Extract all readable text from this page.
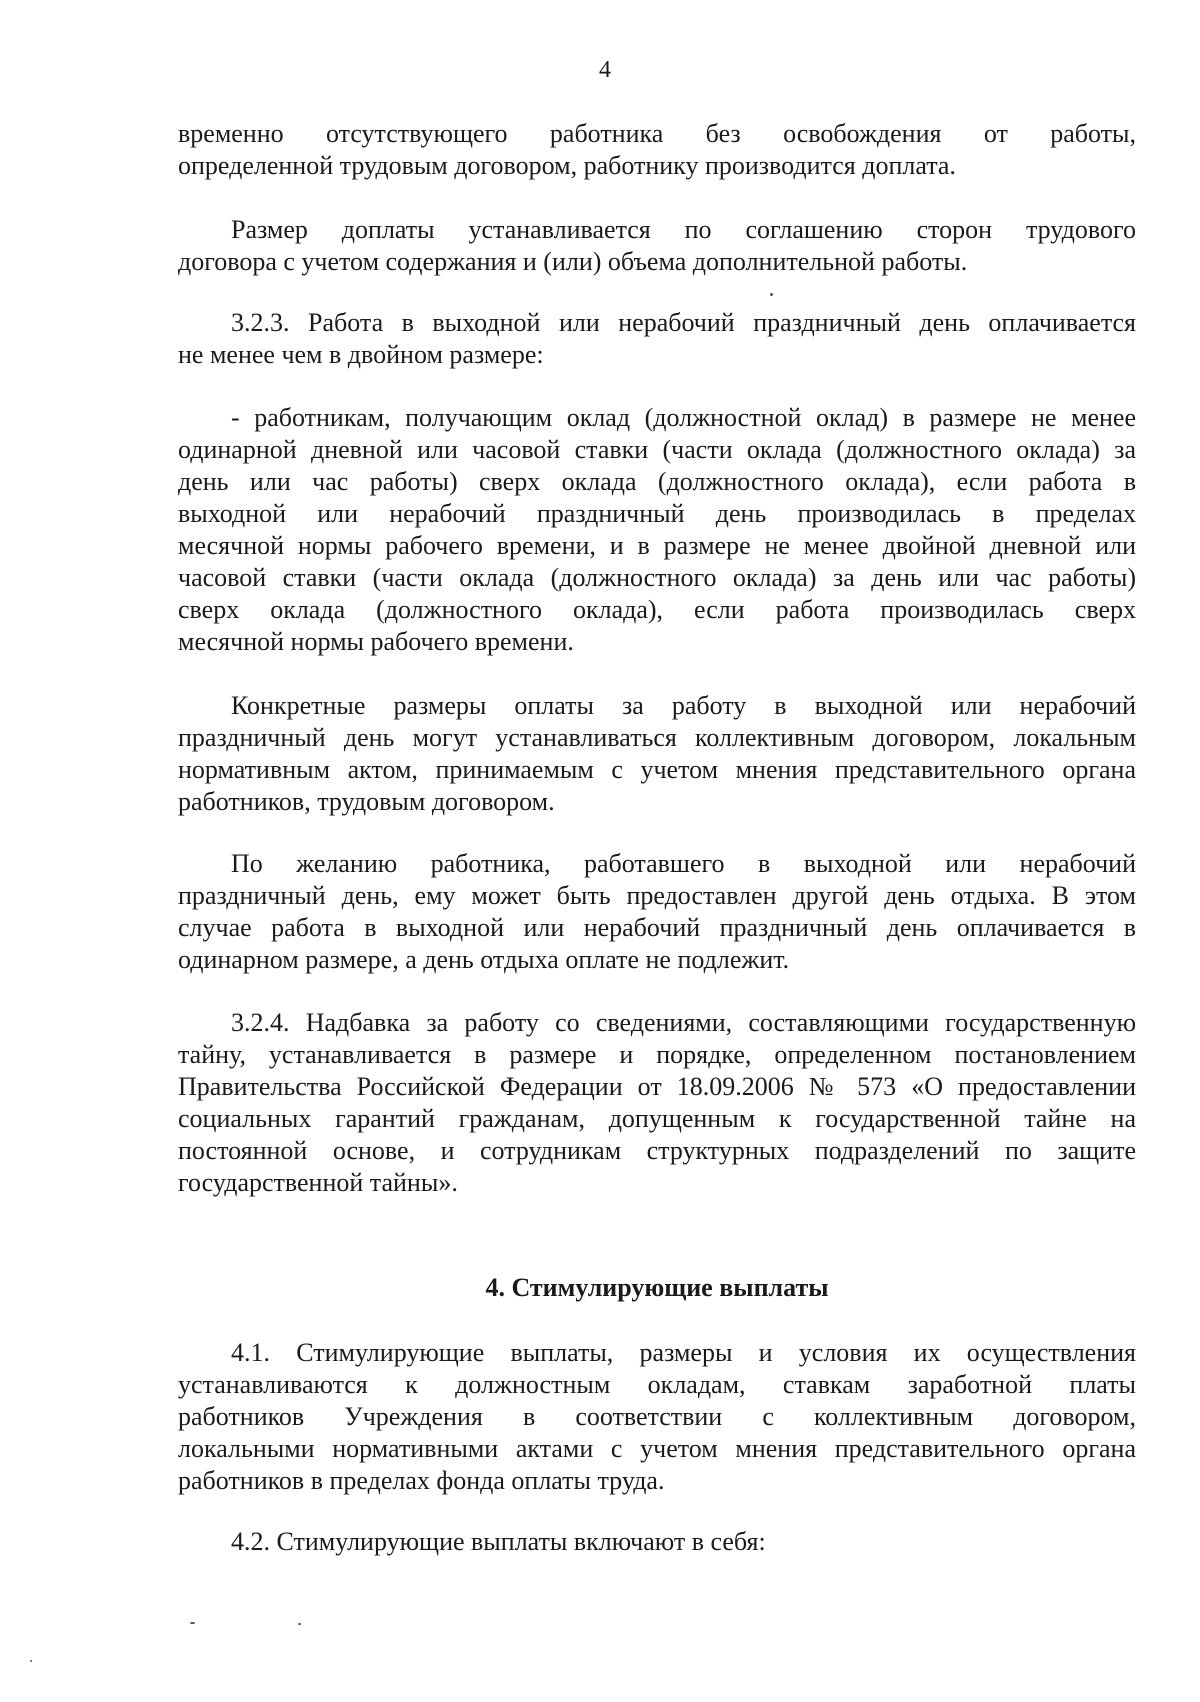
4
временно отсутствующего работника без освобождения от работы,
определенной трудовым договором, работнику производится доплата.
Размер доплаты устанавливается по соглашению сторон трудового
договора с учетом содержания и (или) объема дополнительной работы.
3.2.3. Работа в выходной или нерабочий праздничный день оплачивается
не менее чем в двойном размере:
- работникам, получающим оклад (должностной оклад) в размере не менее
одинарной дневной или часовой ставки (части оклада (должностного оклада) за
день или час работы) сверх оклада (должностного оклада), если работа в
выходной или нерабочий праздничный день производилась в пределах
месячной нормы рабочего времени, и в размере не менее двойной дневной или
часовой ставки (части оклада (должностного оклада) за день или час работы)
сверх оклада (должностного оклада), если работа производилась сверх
месячной нормы рабочего времени.
Конкретные размеры оплаты за работу в выходной или нерабочий
праздничный день могут устанавливаться коллективным договором, локальным
нормативным актом, принимаемым с учетом мнения представительного органа
работников, трудовым договором.
По желанию работника, работавшего в выходной или нерабочий
праздничный день, ему может быть предоставлен другой день отдыха. В этом
случае работа в выходной или нерабочий праздничный день оплачивается в
одинарном размере, а день отдыха оплате не подлежит.
3.2.4. Надбавка за работу со сведениями, составляющими государственную
тайну, устанавливается в размере и порядке, определенном постановлением
Правительства Российской Федерации от 18.09.2006 № 573 «О предоставлении
социальных гарантий гражданам, допущенным к государственной тайне на
постоянной основе, и сотрудникам структурных подразделений по защите
государственной тайны».
4. Стимулирующие выплаты
4.1. Стимулирующие выплаты, размеры и условия их осуществления
устанавливаются к должностным окладам, ставкам заработной платы
работников Учреждения в соответствии с коллективным договором,
локальными нормативными актами с учетом мнения представительного органа
работников в пределах фонда оплаты труда.
4.2. Стимулирующие выплаты включают в себя:
